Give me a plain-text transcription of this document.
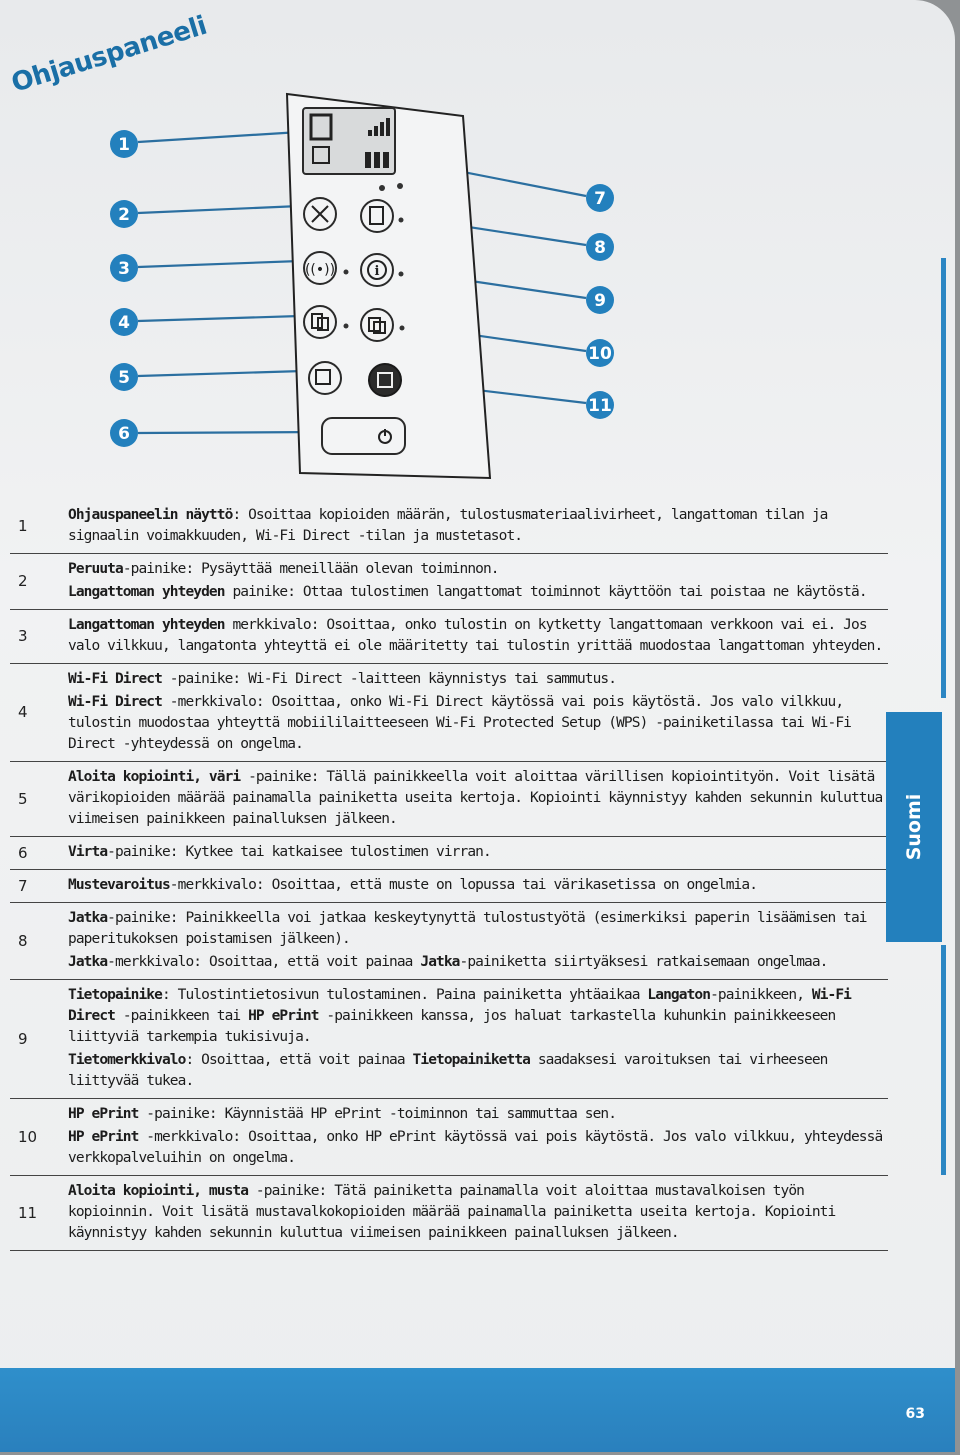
Ohjauspaneeli
((•))	i
1
2
3
4
5
6
7
8
9
10
11
1
Ohjauspaneelin näyttö: Osoittaa kopioiden määrän, tulostusmateriaalivirheet, langattoman tilan ja signaalin voimakkuuden, Wi-Fi Direct -tilan ja mustetasot.
2
Peruuta-painike: Pysäyttää meneillään olevan toiminnon.
Langattoman yhteyden painike: Ottaa tulostimen langattomat toiminnot käyttöön tai poistaa ne käytöstä.
3
Langattoman yhteyden merkkivalo: Osoittaa, onko tulostin on kytketty langattomaan verkkoon vai ei. Jos valo vilkkuu, langatonta yhteyttä ei ole määritetty tai tulostin yrittää muodostaa langattoman yhteyden.
4
Wi-Fi Direct -painike: Wi-Fi Direct -laitteen käynnistys tai sammutus.
Wi-Fi Direct -merkkivalo: Osoittaa, onko Wi-Fi Direct käytössä vai pois käytöstä. Jos valo vilkkuu, tulostin muodostaa yhteyttä mobiililaitteeseen Wi-Fi Protected Setup (WPS) -painiketilassa tai Wi-Fi Direct -yhteydessä on ongelma.
5
Aloita kopiointi, väri -painike: Tällä painikkeella voit aloittaa värillisen kopiointityön. Voit lisätä värikopioiden määrää painamalla painiketta useita kertoja. Kopiointi käynnistyy kahden sekunnin kuluttua viimeisen painikkeen painalluksen jälkeen.
6	Virta-painike: Kytkee tai katkaisee tulostimen virran.
7	Mustevaroitus-merkkivalo: Osoittaa, että muste on lopussa tai värikasetissa on ongelmia.
8
Jatka-painike: Painikkeella voi jatkaa keskeytynyttä tulostustyötä (esimerkiksi paperin lisäämisen tai paperitukoksen poistamisen jälkeen).
Jatka-merkkivalo: Osoittaa, että voit painaa Jatka-painiketta siirtyäksesi ratkaisemaan ongelmaa.
9
Tietopainike: Tulostintietosivun tulostaminen. Paina painiketta yhtäaikaa Langaton-painikkeen, Wi-Fi Direct -painikkeen tai HP ePrint -painikkeen kanssa, jos haluat tarkastella kuhunkin painikkeeseen liittyviä tarkempia tukisivuja.
Tietomerkkivalo: Osoittaa, että voit painaa Tietopainiketta saadaksesi varoituksen tai virheeseen liittyvää tukea.
10
HP ePrint -painike: Käynnistää HP ePrint -toiminnon tai sammuttaa sen.
HP ePrint -merkkivalo: Osoittaa, onko HP ePrint käytössä vai pois käytöstä. Jos valo vilkkuu, yhteydessä verkkopalveluihin on ongelma.
11
Aloita kopiointi, musta -painike: Tätä painiketta painamalla voit aloittaa mustavalkoisen työn kopioinnin. Voit lisätä mustavalkokopioiden määrää painamalla painiketta useita kertoja. Kopiointi käynnistyy kahden sekunnin kuluttua viimeisen painikkeen painalluksen jälkeen.
Suomi
63
